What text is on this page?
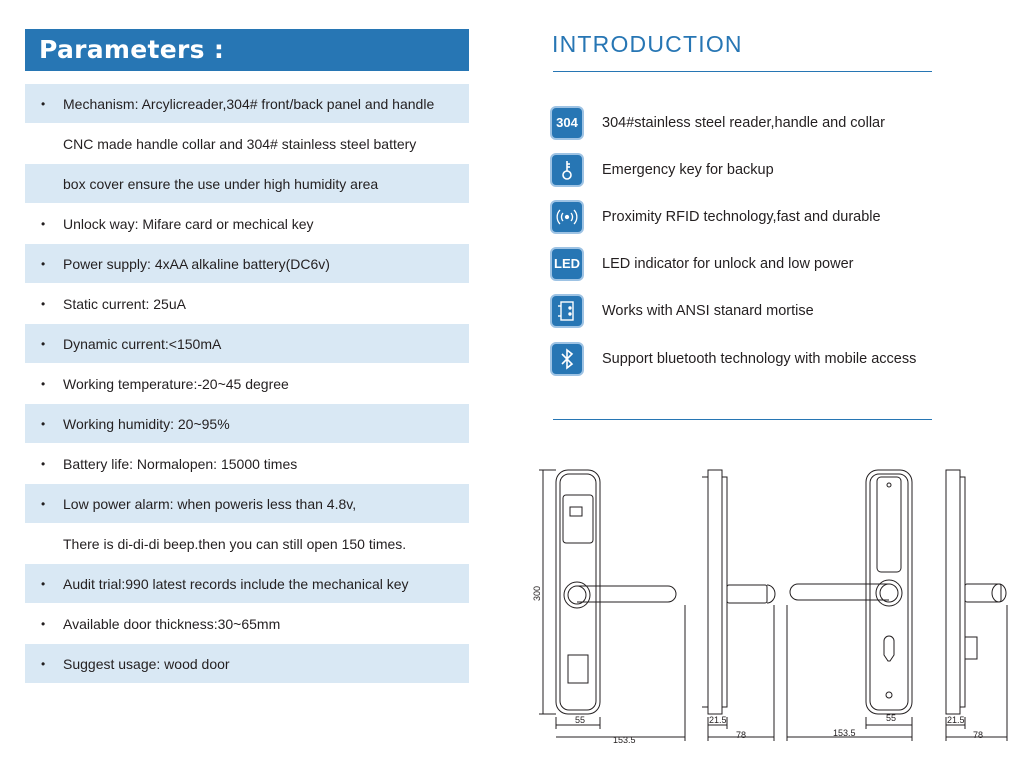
Parameters :
• Mechanism: Arcylicreader,304# front/back panel and handle
CNC made handle collar and 304# stainless steel battery
box cover ensure the use under high humidity area
• Unlock way: Mifare card or mechical key
• Power supply: 4xAA alkaline battery(DC6v)
• Static current: 25uA
• Dynamic current:<150mA
• Working temperature:-20~45 degree
• Working humidity: 20~95%
• Battery life: Normalopen: 15000 times
• Low power alarm: when poweris less than 4.8v,
There is di-di-di beep.then you can still open 150 times.
• Audit trial:990 latest records include the mechanical key
• Available door thickness:30~65mm
• Suggest usage: wood door
INTRODUCTION
304	304#stainless steel reader,handle and collar
Emergency key for backup
Proximity RFID technology,fast and durable
LED LED indicator for unlock and low power
Works with ANSI stanard mortise
Support bluetooth technology with mobile access
300
55
153.5
21.5
78	153.5
55	21.5
78
